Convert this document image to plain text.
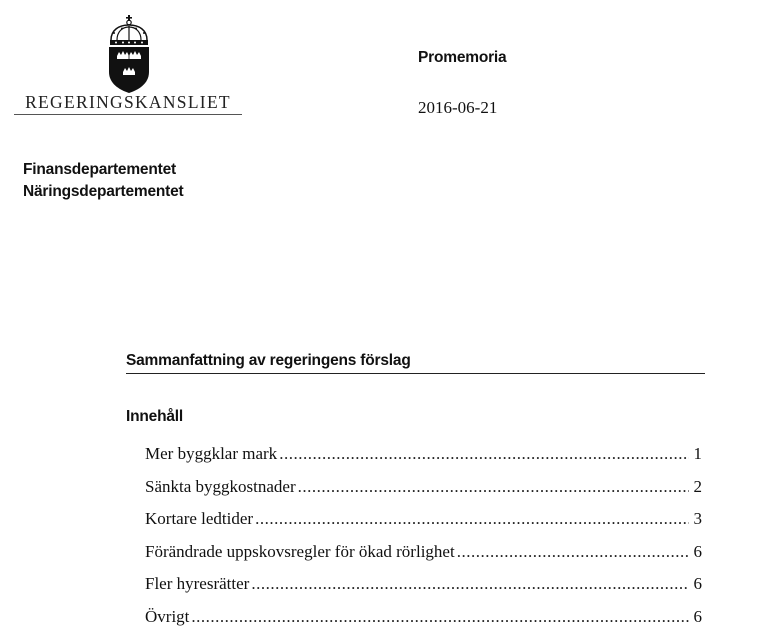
REGERINGSKANSLIET
Promemoria
2016-06-21
Finansdepartementet
Näringsdepartementet
Sammanfattning av regeringens förslag
Innehåll
Mer byggklar mark .....	1
Sänkta byggkostnader .....	2
Kortare ledtider .....	3
Förändrade uppskovsregler för ökad rörlighet .....	6
Fler hyresrätter .....	6
Övrigt .....	6
